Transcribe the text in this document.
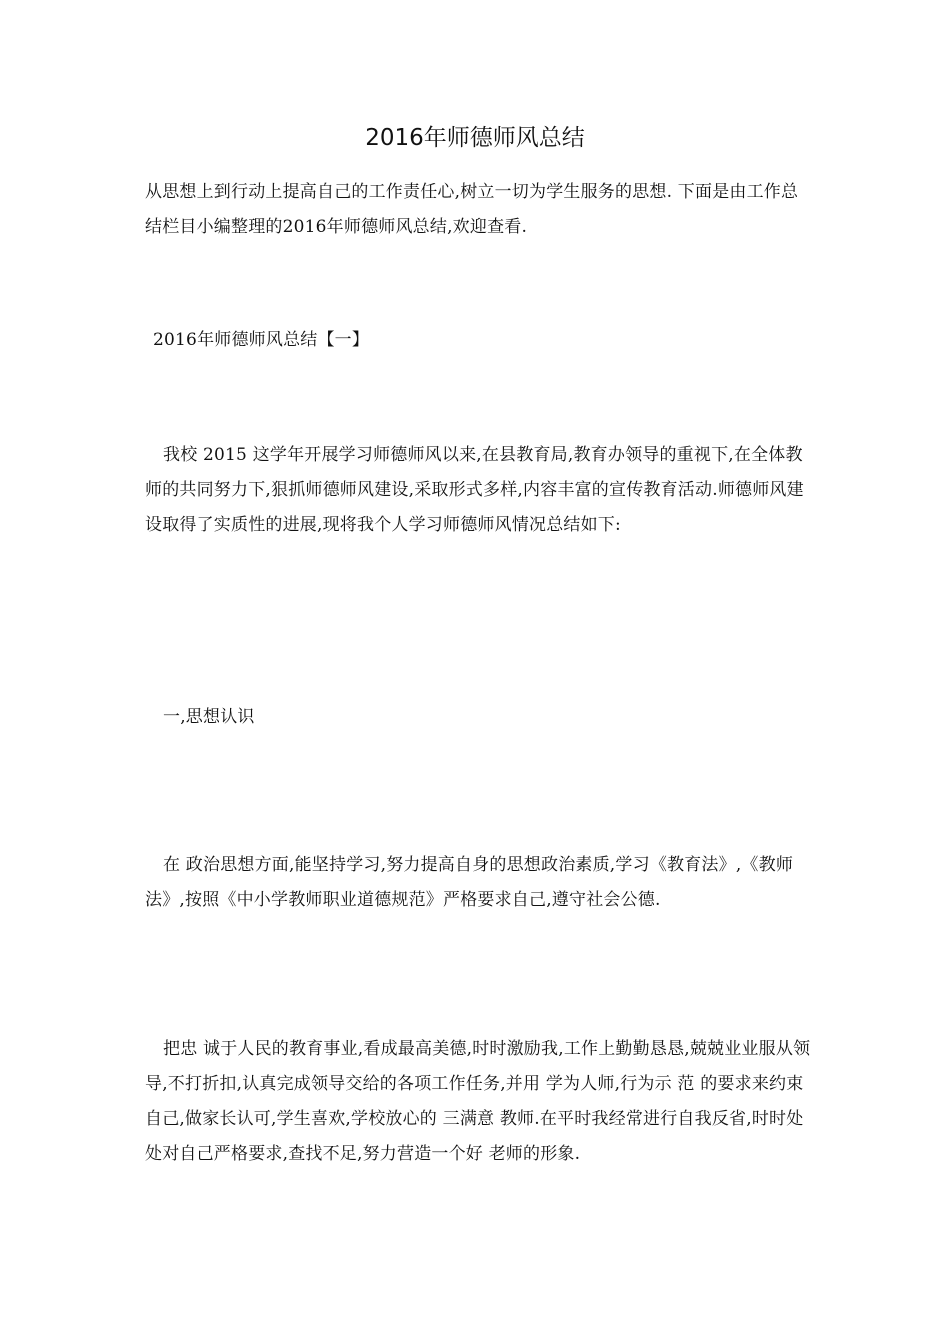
2016年师德师风总结
从思想上到行动上提高自己的工作责任心,树立一切为学生服务的思想. 下面是由工作总结栏目小编整理的2016年师德师风总结,欢迎查看.
2016年师德师风总结【一】
我校 2015 这学年开展学习师德师风以来,在县教育局,教育办领导的重视下,在全体教师的共同努力下,狠抓师德师风建设,采取形式多样,内容丰富的宣传教育活动.师德师风建设取得了实质性的进展,现将我个人学习师德师风情况总结如下:
一,思想认识
在 政治思想方面,能坚持学习,努力提高自身的思想政治素质,学习《教育法》,《教师法》,按照《中小学教师职业道德规范》严格要求自己,遵守社会公德.
把忠 诚于人民的教育事业,看成最高美德,时时激励我,工作上勤勤恳恳,兢兢业业服从领导,不打折扣,认真完成领导交给的各项工作任务,并用 学为人师,行为示 范 的要求来约束自己,做家长认可,学生喜欢,学校放心的 三满意 教师.在平时我经常进行自我反省,时时处处对自己严格要求,查找不足,努力营造一个好 老师的形象.
